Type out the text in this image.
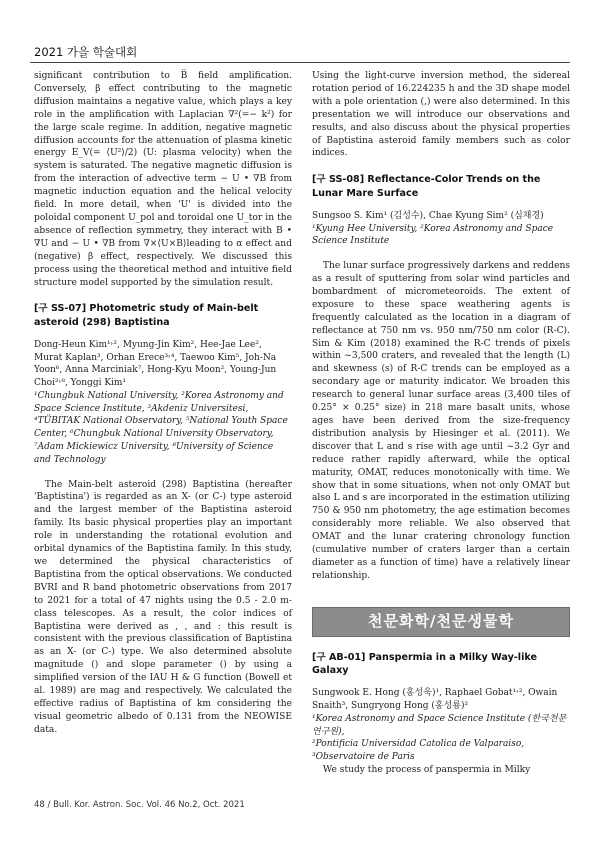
2021 가을 학술대회

significant contribution to B̅ field amplification. Conversely, β effect contributing to the magnetic diffusion maintains a negative value, which plays a key role in the amplification with Laplacian ∇²(=− k²) for the large scale regime. In addition, negative magnetic diffusion accounts for the attenuation of plasma kinetic energy E_V(= ⟨U²⟩/2) (U: plasma velocity) when the system is saturated. The negative magnetic diffusion is from the interaction of advective term − U • ∇B from magnetic induction equation and the helical velocity field. In more detail, when 'U' is divided into the poloidal component U_pol and toroidal one U_tor in the absence of reflection symmetry, they interact with B • ∇U and − U • ∇B from ∇×⟨U×B⟩leading to α effect and (negative) β effect, respectively. We discussed this process using the theoretical method and intuitive field structure model supported by the simulation result.

[구 SS-07] Photometric study of Main-belt asteroid (298) Baptistina

Dong-Heun Kim¹˒², Myung-Jin Kim², Hee-Jae Lee², Murat Kaplan³, Orhan Erece³˒⁴, Taewoo Kim⁵, Joh-Na Yoon⁶, Anna Marciniak⁷, Hong-Kyu Moon², Young-Jun Choi²˒⁸, Yonggi Kim¹

¹Chungbuk National University, ²Korea Astronomy and Space Science Institute, ³Akdeniz Universitesi, ⁴TÜBITAK National Observatory, ⁵National Youth Space Center, ⁶Chungbuk National University Observatory, ⁷Adam Mickiewicz University, ⁸University of Science and Technology

The Main-belt asteroid (298) Baptistina (hereafter 'Baptistina') is regarded as an X- (or C-) type asteroid and the largest member of the Baptistina asteroid family. Its basic physical properties play an important role in understanding the rotational evolution and orbital dynamics of the Baptistina family. In this study, we determined the physical characteristics of Baptistina from the optical observations. We conducted BVRI and R band photometric observations from 2017 to 2021 for a total of 47 nights using the 0.5 - 2.0 m-class telescopes. As a result, the color indices of Baptistina were derived as , , and : this result is consistent with the previous classification of Baptistina as an X- (or C-) type. We also determined absolute magnitude () and slope parameter () by using a simplified version of the IAU H & G function (Bowell et al. 1989) are mag and respectively. We calculated the effective radius of Baptistina of km considering the visual geometric albedo of 0.131 from the NEOWISE data.

Using the light-curve inversion method, the sidereal rotation period of 16.224235 h and the 3D shape model with a pole orientation (,) were also determined. In this presentation we will introduce our observations and results, and also discuss about the physical properties of Baptistina asteroid family members such as color indices.

[구 SS-08] Reflectance-Color Trends on the Lunar Mare Surface

Sungsoo S. Kim¹ (김성수), Chae Kyung Sim² (심채경)

¹Kyung Hee University, ²Korea Astronomy and Space Science Institute

The lunar surface progressively darkens and reddens as a result of sputtering from solar wind particles and bombardment of micrometeoroids. The extent of exposure to these space weathering agents is frequently calculated as the location in a diagram of reflectance at 750 nm vs. 950 nm/750 nm color (R-C). Sim & Kim (2018) examined the R-C trends of pixels within ~3,500 craters, and revealed that the length (L) and skewness (s) of R-C trends can be employed as a secondary age or maturity indicator. We broaden this research to general lunar surface areas (3,400 tiles of 0.25° × 0.25° size) in 218 mare basalt units, whose ages have been derived from the size-frequency distribution analysis by Hiesinger et al. (2011). We discover that L and s rise with age until ~3.2 Gyr and reduce rather rapidly afterward, while the optical maturity, OMAT, reduces monotonically with time. We show that in some situations, when not only OMAT but also L and s are incorporated in the estimation utilizing 750 & 950 nm photometry, the age estimation becomes considerably more reliable. We also observed that OMAT and the lunar cratering chronology function (cumulative number of craters larger than a certain diameter as a function of time) have a relatively linear relationship.

천문화학/천문생물학
[구 AB-01] Panspermia in a Milky Way-like Galaxy

Sungwook E. Hong (홍성욱)¹, Raphael Gobat¹˒², Owain Snaith³, Sungryong Hong (홍성룡)²

¹Korea Astronomy and Space Science Institute (한국천문연구원),

²Pontificia Universidad Catolica de Valparaiso,

³Observatoire de Paris

We study the process of panspermia in Milky

48 / Bull. Kor. Astron. Soc. Vol. 46 No.2, Oct. 2021
